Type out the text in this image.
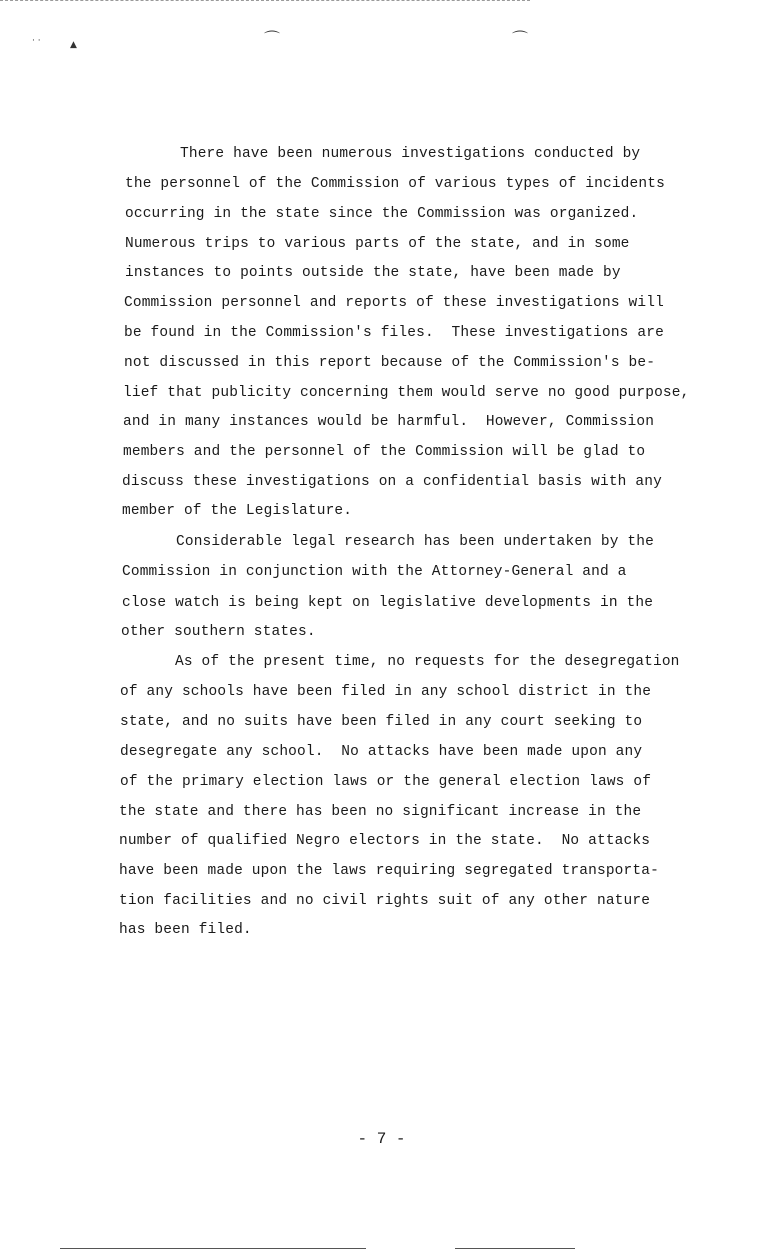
· ·	▲	⌒	⌒
There have been numerous investigations conducted by
the personnel of the Commission of various types of incidents
occurring in the state since the Commission was organized.
Numerous trips to various parts of the state, and in some
instances to points outside the state, have been made by
Commission personnel and reports of these investigations will
be found in the Commission's files.  These investigations are
not discussed in this report because of the Commission's be-
lief that publicity concerning them would serve no good purpose,
and in many instances would be harmful.  However, Commission
members and the personnel of the Commission will be glad to
discuss these investigations on a confidential basis with any
member of the Legislature.
Considerable legal research has been undertaken by the
Commission in conjunction with the Attorney-General and a
close watch is being kept on legislative developments in the
other southern states.
As of the present time, no requests for the desegregation
of any schools have been filed in any school district in the
state, and no suits have been filed in any court seeking to
desegregate any school.  No attacks have been made upon any
of the primary election laws or the general election laws of
the state and there has been no significant increase in the
number of qualified Negro electors in the state.  No attacks
have been made upon the laws requiring segregated transporta-
tion facilities and no civil rights suit of any other nature
has been filed.
- 7 -
